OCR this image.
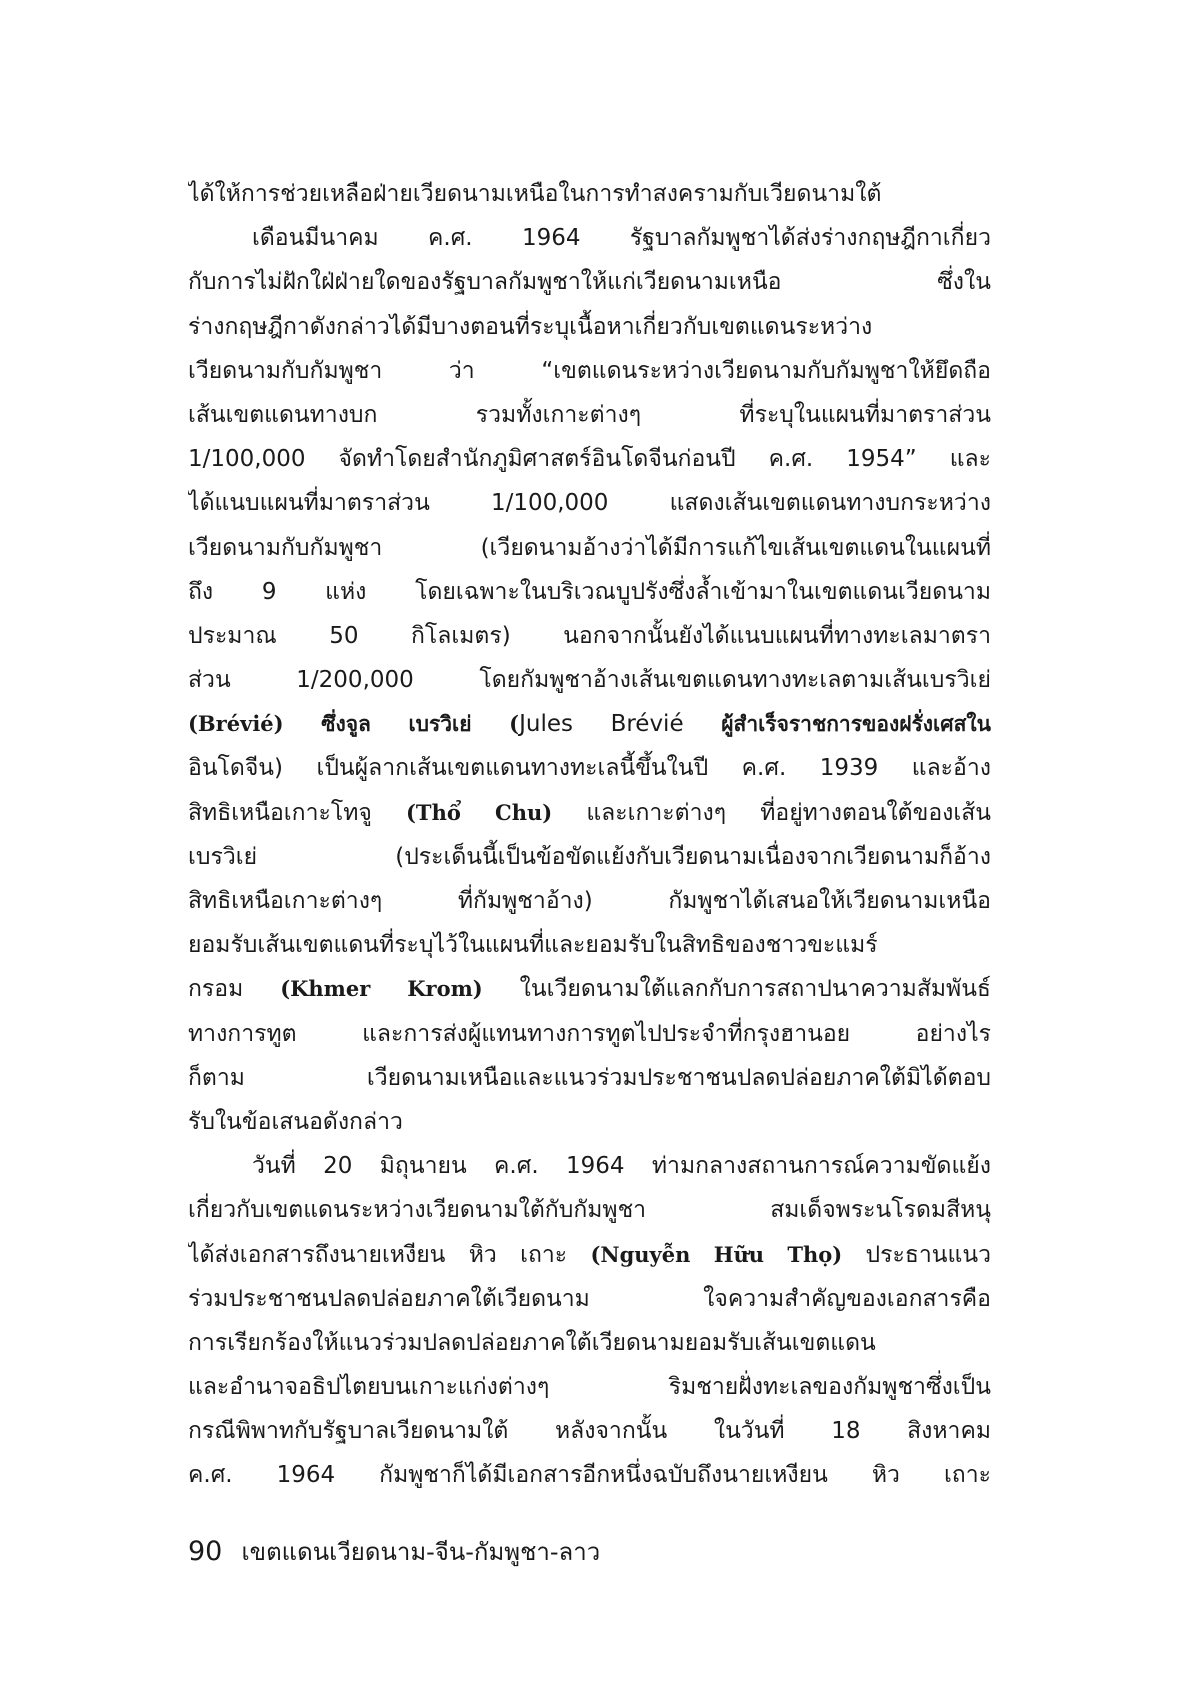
ได้ให้การช่วยเหลือฝ่ายเวียดนามเหนือในการทำสงครามกับเวียดนามใต้
เดือนมีนาคม ค.ศ. 1964 รัฐบาลกัมพูชาได้ส่งร่างกฤษฎีกาเกี่ยว
กับการไม่ฝักใฝ่ฝ่ายใดของรัฐบาลกัมพูชาให้แก่เวียดนามเหนือ ซึ่งใน
ร่างกฤษฎีกาดังกล่าวได้มีบางตอนที่ระบุเนื้อหาเกี่ยวกับเขตแดนระหว่าง
เวียดนามกับกัมพูชา ว่า “เขตแดนระหว่างเวียดนามกับกัมพูชาให้ยึดถือ
เส้นเขตแดนทางบก รวมทั้งเกาะต่างๆ ที่ระบุในแผนที่มาตราส่วน
1/100,000 จัดทำโดยสำนักภูมิศาสตร์อินโดจีนก่อนปี ค.ศ. 1954” และ
ได้แนบแผนที่มาตราส่วน 1/100,000 แสดงเส้นเขตแดนทางบกระหว่าง
เวียดนามกับกัมพูชา (เวียดนามอ้างว่าได้มีการแก้ไขเส้นเขตแดนในแผนที่
ถึง 9 แห่ง โดยเฉพาะในบริเวณบูปรังซึ่งล้ำเข้ามาในเขตแดนเวียดนาม
ประมาณ 50 กิโลเมตร) นอกจากนั้นยังได้แนบแผนที่ทางทะเลมาตรา
ส่วน 1/200,000 โดยกัมพูชาอ้างเส้นเขตแดนทางทะเลตามเส้นเบรวิเย่
(Brévié) ซึ่งจูล เบรวิเย่ (Jules Brévié ผู้สำเร็จราชการของฝรั่งเศสใน
อินโดจีน) เป็นผู้ลากเส้นเขตแดนทางทะเลนี้ขึ้นในปี ค.ศ. 1939 และอ้าง
สิทธิเหนือเกาะโทจู (Thổ Chu) และเกาะต่างๆ ที่อยู่ทางตอนใต้ของเส้น
เบรวิเย่ (ประเด็นนี้เป็นข้อขัดแย้งกับเวียดนามเนื่องจากเวียดนามก็อ้าง
สิทธิเหนือเกาะต่างๆ ที่กัมพูชาอ้าง) กัมพูชาได้เสนอให้เวียดนามเหนือ
ยอมรับเส้นเขตแดนที่ระบุไว้ในแผนที่และยอมรับในสิทธิของชาวขะแมร์
กรอม (Khmer Krom) ในเวียดนามใต้แลกกับการสถาปนาความสัมพันธ์
ทางการทูต และการส่งผู้แทนทางการทูตไปประจำที่กรุงฮานอย อย่างไร
ก็ตาม เวียดนามเหนือและแนวร่วมประชาชนปลดปล่อยภาคใต้มิได้ตอบ
รับในข้อเสนอดังกล่าว
วันที่ 20 มิถุนายน ค.ศ. 1964 ท่ามกลางสถานการณ์ความขัดแย้ง
เกี่ยวกับเขตแดนระหว่างเวียดนามใต้กับกัมพูชา สมเด็จพระนโรดมสีหนุ
ได้ส่งเอกสารถึงนายเหงียน หิว เถาะ (Nguyễn Hữu Thọ) ประธานแนว
ร่วมประชาชนปลดปล่อยภาคใต้เวียดนาม ใจความสำคัญของเอกสารคือ
การเรียกร้องให้แนวร่วมปลดปล่อยภาคใต้เวียดนามยอมรับเส้นเขตแดน
และอำนาจอธิปไตยบนเกาะแก่งต่างๆ ริมชายฝั่งทะเลของกัมพูชาซึ่งเป็น
กรณีพิพาทกับรัฐบาลเวียดนามใต้ หลังจากนั้น ในวันที่ 18 สิงหาคม
ค.ศ. 1964 กัมพูชาก็ได้มีเอกสารอีกหนึ่งฉบับถึงนายเหงียน หิว เถาะ
90 เขตแดนเวียดนาม-จีน-กัมพูชา-ลาว
